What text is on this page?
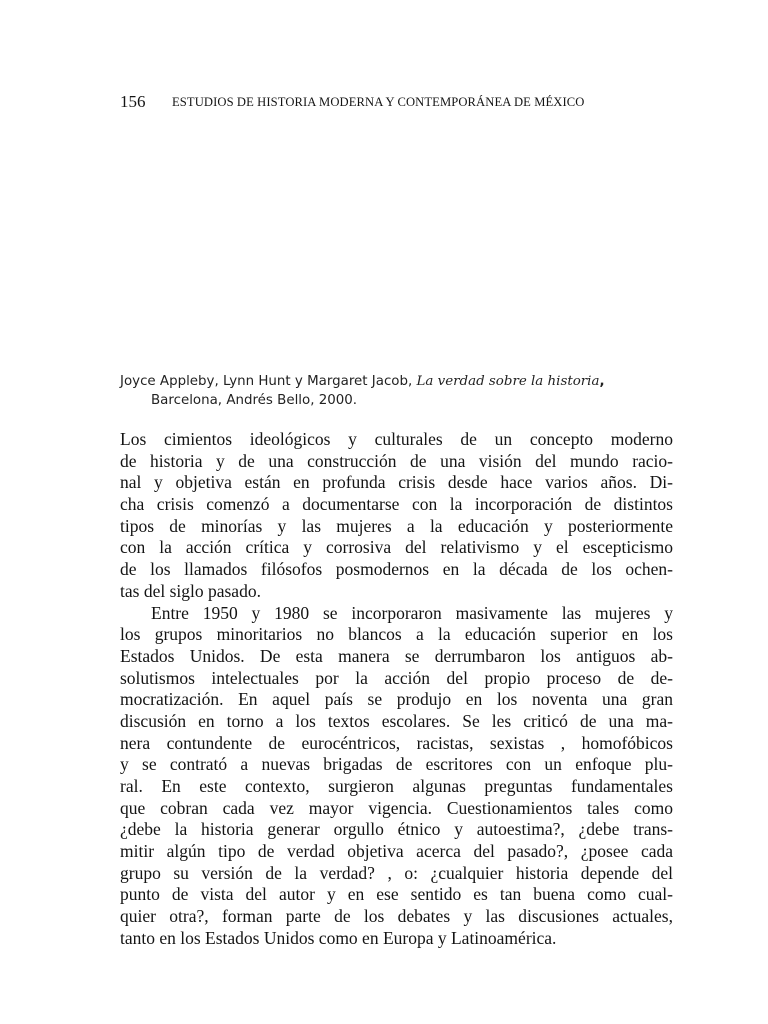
156 ESTUDIOS DE HISTORIA MODERNA Y CONTEMPORÁNEA DE MÉXICO
Joyce Appleby, Lynn Hunt y Margaret Jacob, La verdad sobre la historia,
Barcelona, Andrés Bello, 2000.
Los cimientos ideológicos y culturales de un concepto moderno
de historia y de una construcción de una visión del mundo racio-
nal y objetiva están en profunda crisis desde hace varios años. Di-
cha crisis comenzó a documentarse con la incorporación de distintos
tipos de minorías y las mujeres a la educación y posteriormente
con la acción crítica y corrosiva del relativismo y el escepticismo
de los llamados filósofos posmodernos en la década de los ochen-
tas del siglo pasado.
Entre 1950 y 1980 se incorporaron masivamente las mujeres y
los grupos minoritarios no blancos a la educación superior en los
Estados Unidos. De esta manera se derrumbaron los antiguos ab-
solutismos intelectuales por la acción del propio proceso de de-
mocratización. En aquel país se produjo en los noventa una gran
discusión en torno a los textos escolares. Se les criticó de una ma-
nera contundente de eurocéntricos, racistas, sexistas , homofóbicos
y se contrató a nuevas brigadas de escritores con un enfoque plu-
ral. En este contexto, surgieron algunas preguntas fundamentales
que cobran cada vez mayor vigencia. Cuestionamientos tales como
¿debe la historia generar orgullo étnico y autoestima?, ¿debe trans-
mitir algún tipo de verdad objetiva acerca del pasado?, ¿posee cada
grupo su versión de la verdad? , o: ¿cualquier historia depende del
punto de vista del autor y en ese sentido es tan buena como cual-
quier otra?, forman parte de los debates y las discusiones actuales,
tanto en los Estados Unidos como en Europa y Latinoamérica.
